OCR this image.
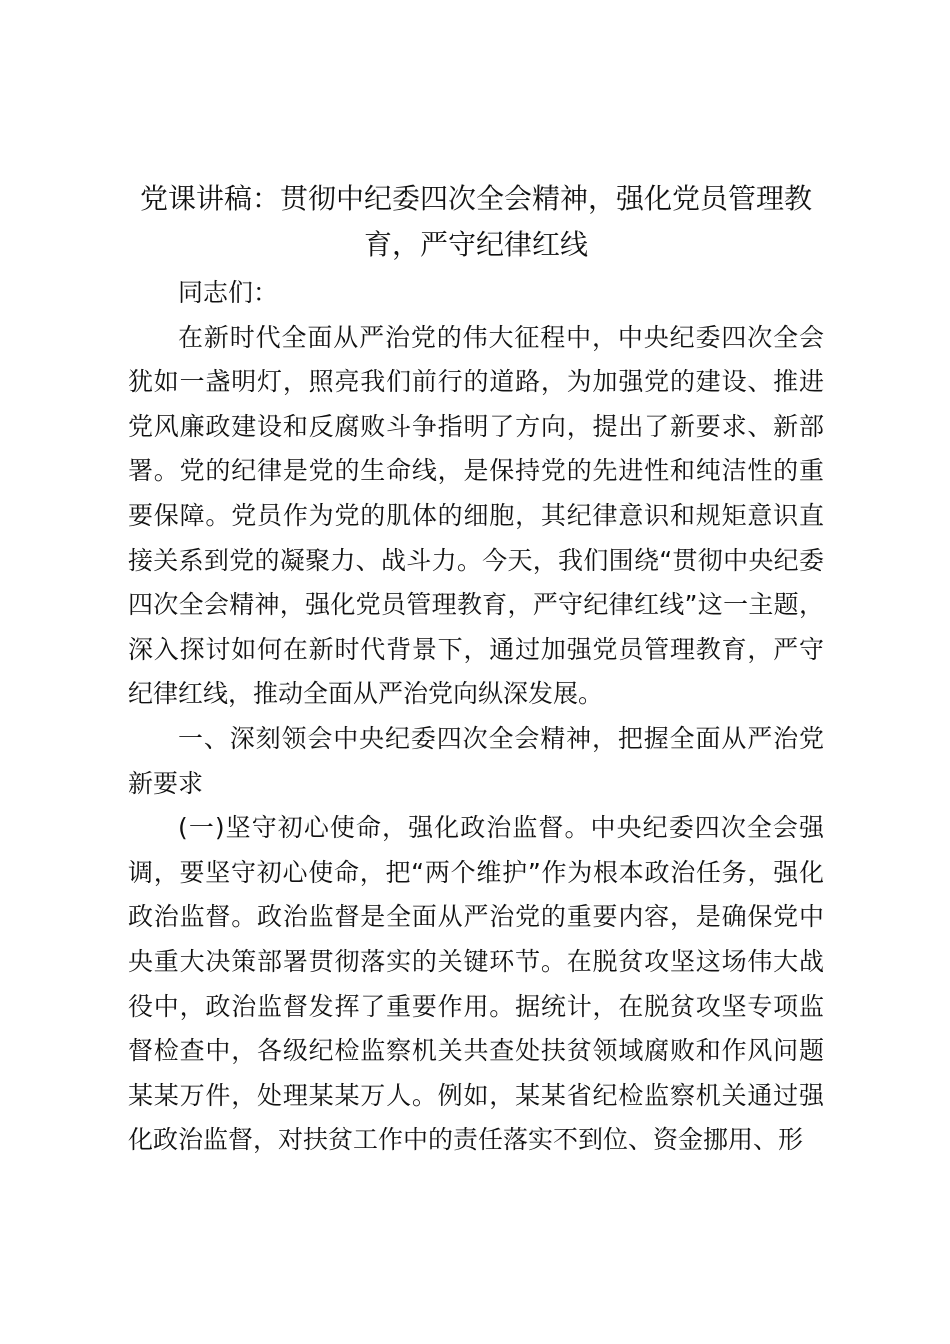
党课讲稿：贯彻中纪委四次全会精神，强化党员管理教育，严守纪律红线

同志们：

在新时代全面从严治党的伟大征程中，中央纪委四次全会犹如一盏明灯，照亮我们前行的道路，为加强党的建设、推进党风廉政建设和反腐败斗争指明了方向，提出了新要求、新部署。党的纪律是党的生命线，是保持党的先进性和纯洁性的重要保障。党员作为党的肌体的细胞，其纪律意识和规矩意识直接关系到党的凝聚力、战斗力。今天，我们围绕“贯彻中央纪委四次全会精神，强化党员管理教育，严守纪律红线”这一主题，深入探讨如何在新时代背景下，通过加强党员管理教育，严守纪律红线，推动全面从严治党向纵深发展。

一、深刻领会中央纪委四次全会精神，把握全面从严治党新要求

(一)坚守初心使命，强化政治监督。中央纪委四次全会强调，要坚守初心使命，把“两个维护”作为根本政治任务，强化政治监督。政治监督是全面从严治党的重要内容，是确保党中央重大决策部署贯彻落实的关键环节。在脱贫攻坚这场伟大战役中，政治监督发挥了重要作用。据统计，在脱贫攻坚专项监督检查中，各级纪检监察机关共查处扶贫领域腐败和作风问题某某万件，处理某某万人。例如，某某省纪检监察机关通过强化政治监督，对扶贫工作中的责任落实不到位、资金挪用、形
